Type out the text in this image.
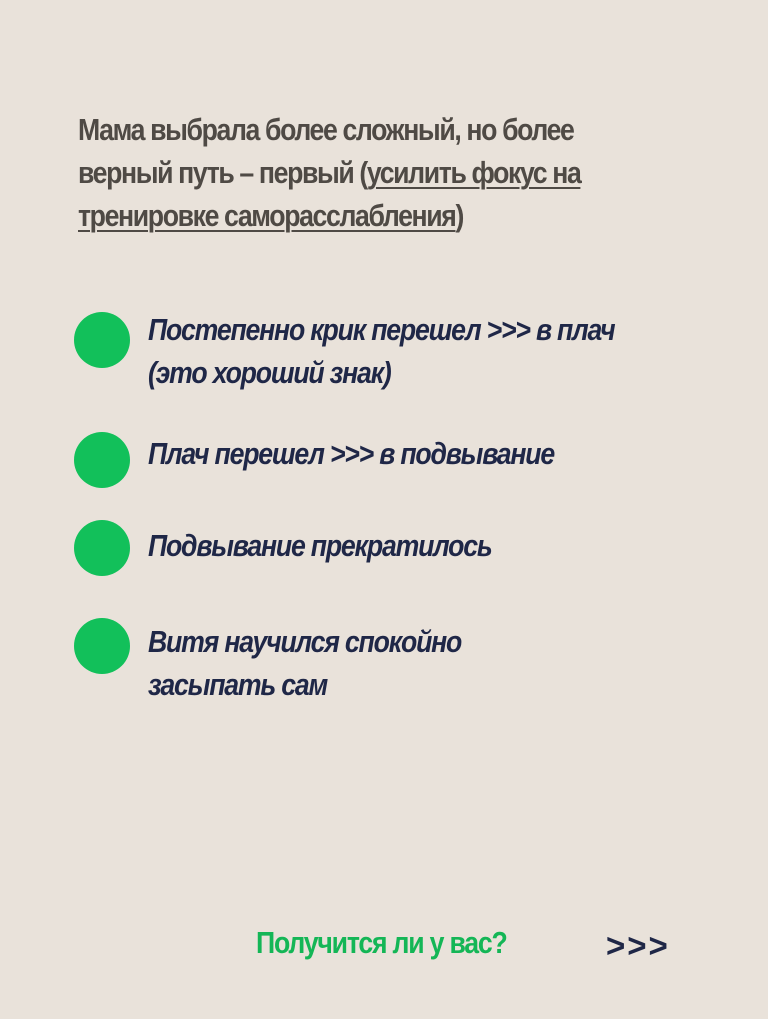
Мама выбрала более сложный, но более
верный путь – первый (усилить фокус на
тренировке саморасслабления)

Постепенно крик перешел >>> в плач
(это хороший знак)

Плач перешел >>> в подвывание

Подвывание прекратилось

Витя научился спокойно
засыпать сам

Получится ли у вас?	>>>
